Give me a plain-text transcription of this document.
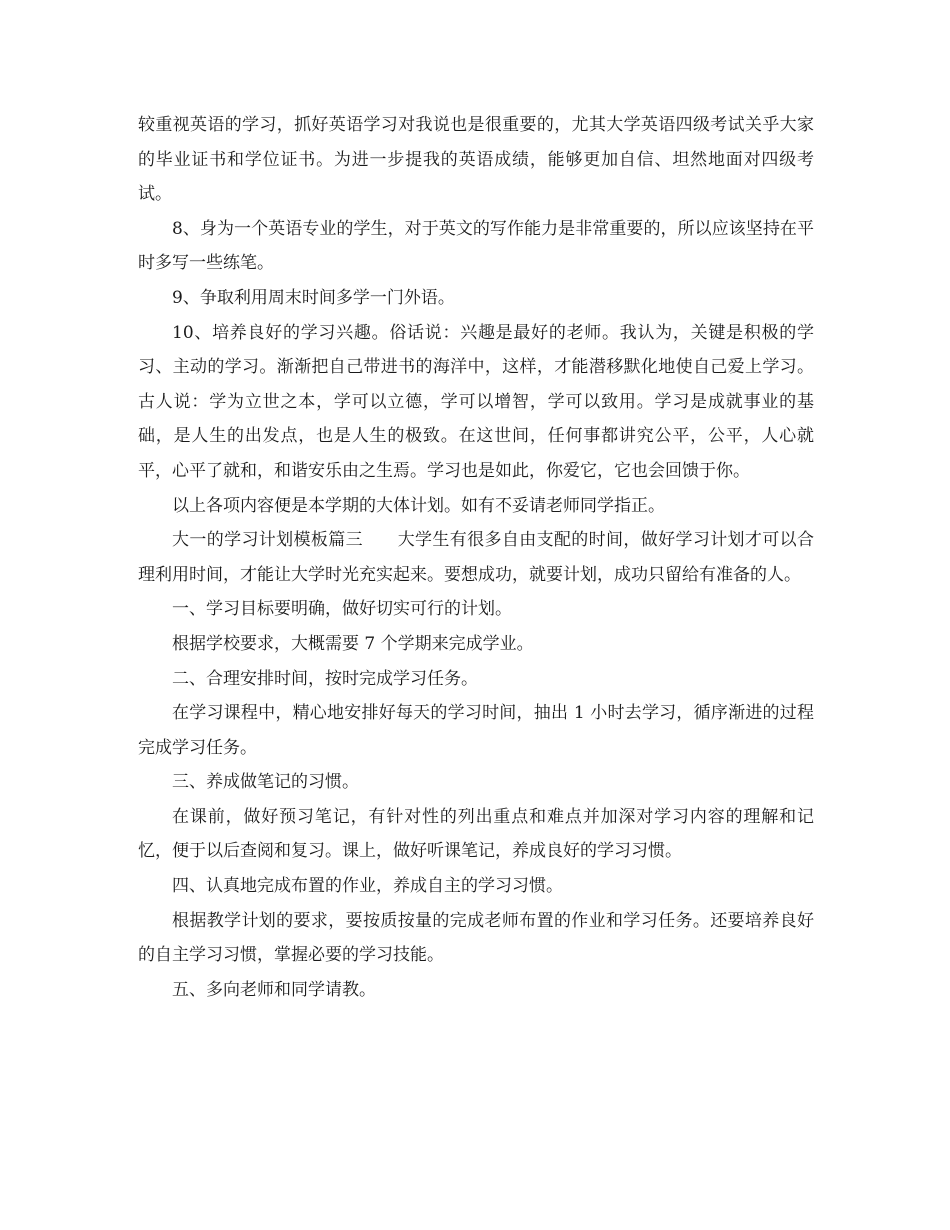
较重视英语的学习，抓好英语学习对我说也是很重要的，尤其大学英语四级考试关乎大家的毕业证书和学位证书。为进一步提我的英语成绩，能够更加自信、坦然地面对四级考试。

8、身为一个英语专业的学生，对于英文的写作能力是非常重要的，所以应该坚持在平时多写一些练笔。

9、争取利用周末时间多学一门外语。

10、培养良好的学习兴趣。俗话说：兴趣是最好的老师。我认为，关键是积极的学习、主动的学习。渐渐把自己带进书的海洋中，这样，才能潜移默化地使自己爱上学习。古人说：学为立世之本，学可以立德，学可以增智，学可以致用。学习是成就事业的基础，是人生的出发点，也是人生的极致。在这世间，任何事都讲究公平，公平，人心就平，心平了就和，和谐安乐由之生焉。学习也是如此，你爱它，它也会回馈于你。

以上各项内容便是本学期的大体计划。如有不妥请老师同学指正。

大一的学习计划模板篇三　　大学生有很多自由支配的时间，做好学习计划才可以合理利用时间，才能让大学时光充实起来。要想成功，就要计划，成功只留给有准备的人。

一、学习目标要明确，做好切实可行的计划。

根据学校要求，大概需要 7 个学期来完成学业。

二、合理安排时间，按时完成学习任务。

在学习课程中，精心地安排好每天的学习时间，抽出 1 小时去学习，循序渐进的过程完成学习任务。

三、养成做笔记的习惯。

在课前，做好预习笔记，有针对性的列出重点和难点并加深对学习内容的理解和记忆，便于以后查阅和复习。课上，做好听课笔记，养成良好的学习习惯。

四、认真地完成布置的作业，养成自主的学习习惯。

根据教学计划的要求，要按质按量的完成老师布置的作业和学习任务。还要培养良好的自主学习习惯，掌握必要的学习技能。

五、多向老师和同学请教。
